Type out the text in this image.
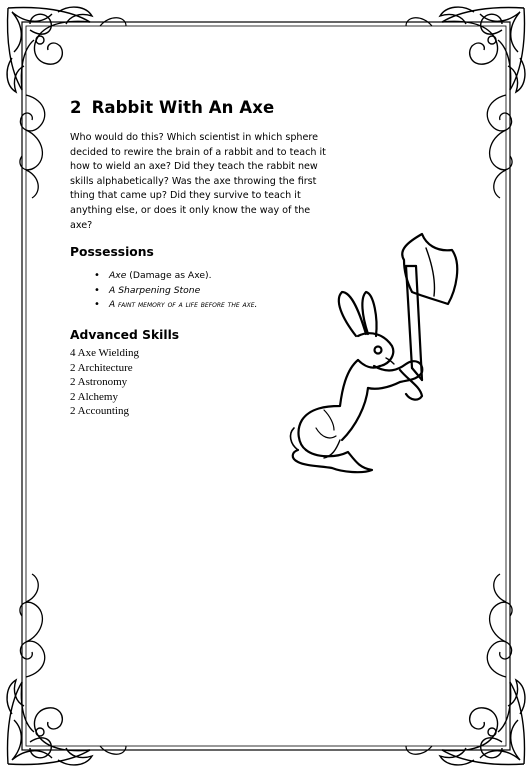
2 Rabbit With An Axe

Who would do this? Which scientist in which sphere decided to rewire the brain of a rabbit and to teach it how to wield an axe? Did they teach the rabbit new skills alphabetically? Was the axe throwing the first thing that came up? Did they survive to teach it anything else, or does it only know the way of the axe?

Possessions
• Axe (Damage as Axe).
• A Sharpening Stone
• A faint memory of a life before the axe.
Advanced Skills
4 Axe Wielding
2 Architecture
2 Astronomy
2 Alchemy
2 Accounting
